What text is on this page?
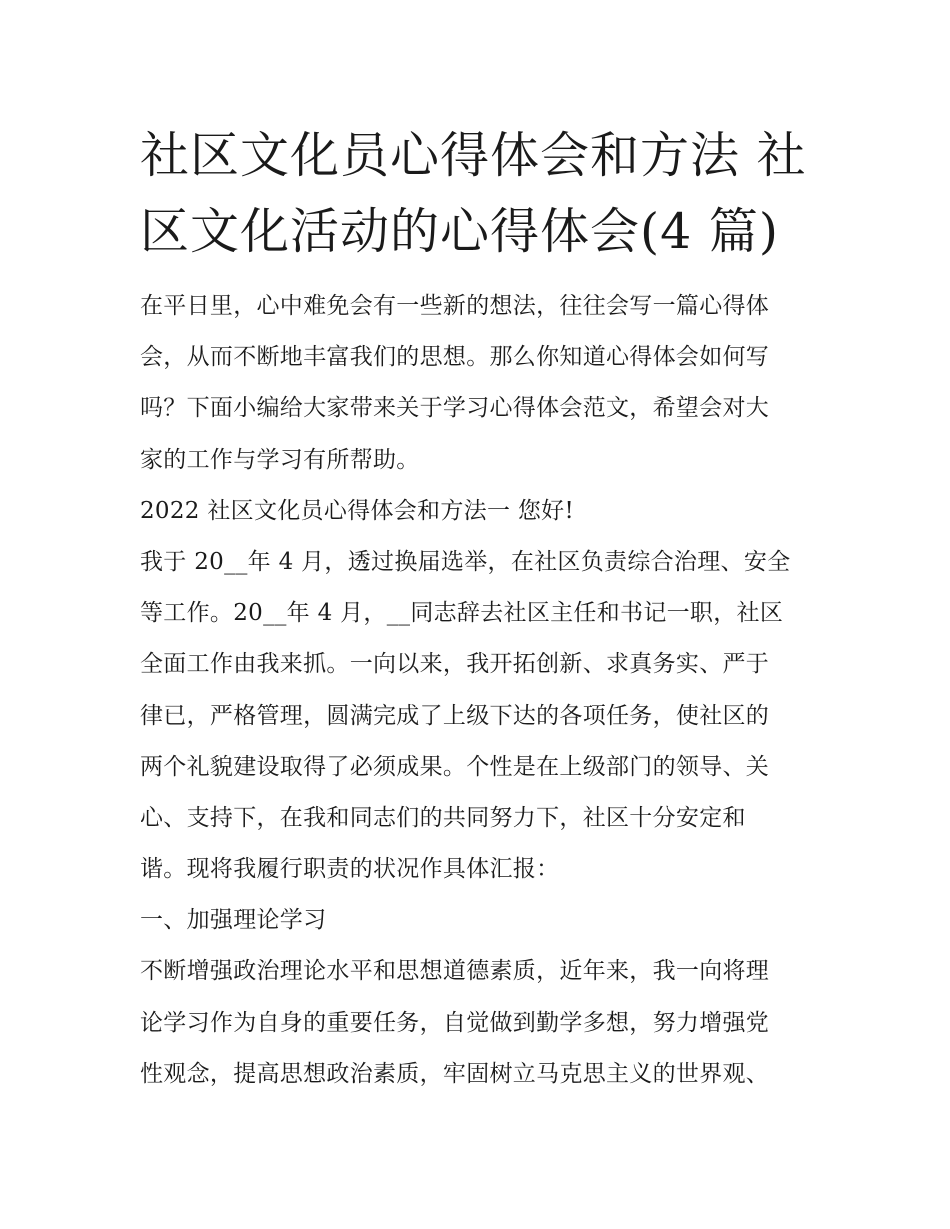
社区文化员心得体会和方法 社
区文化活动的心得体会(4 篇)
在平日里，心中难免会有一些新的想法，往往会写一篇心得体
会，从而不断地丰富我们的思想。那么你知道心得体会如何写
吗？下面小编给大家带来关于学习心得体会范文，希望会对大
家的工作与学习有所帮助。
2022 社区文化员心得体会和方法一 您好!
我于 20__年 4 月，透过换届选举，在社区负责综合治理、安全
等工作。20__年 4 月，__同志辞去社区主任和书记一职，社区
全面工作由我来抓。一向以来，我开拓创新、求真务实、严于
律已，严格管理，圆满完成了上级下达的各项任务，使社区的
两个礼貌建设取得了必须成果。个性是在上级部门的领导、关
心、支持下，在我和同志们的共同努力下，社区十分安定和
谐。现将我履行职责的状况作具体汇报：
一、加强理论学习
不断增强政治理论水平和思想道德素质，近年来，我一向将理
论学习作为自身的重要任务，自觉做到勤学多想，努力增强党
性观念，提高思想政治素质，牢固树立马克思主义的世界观、
